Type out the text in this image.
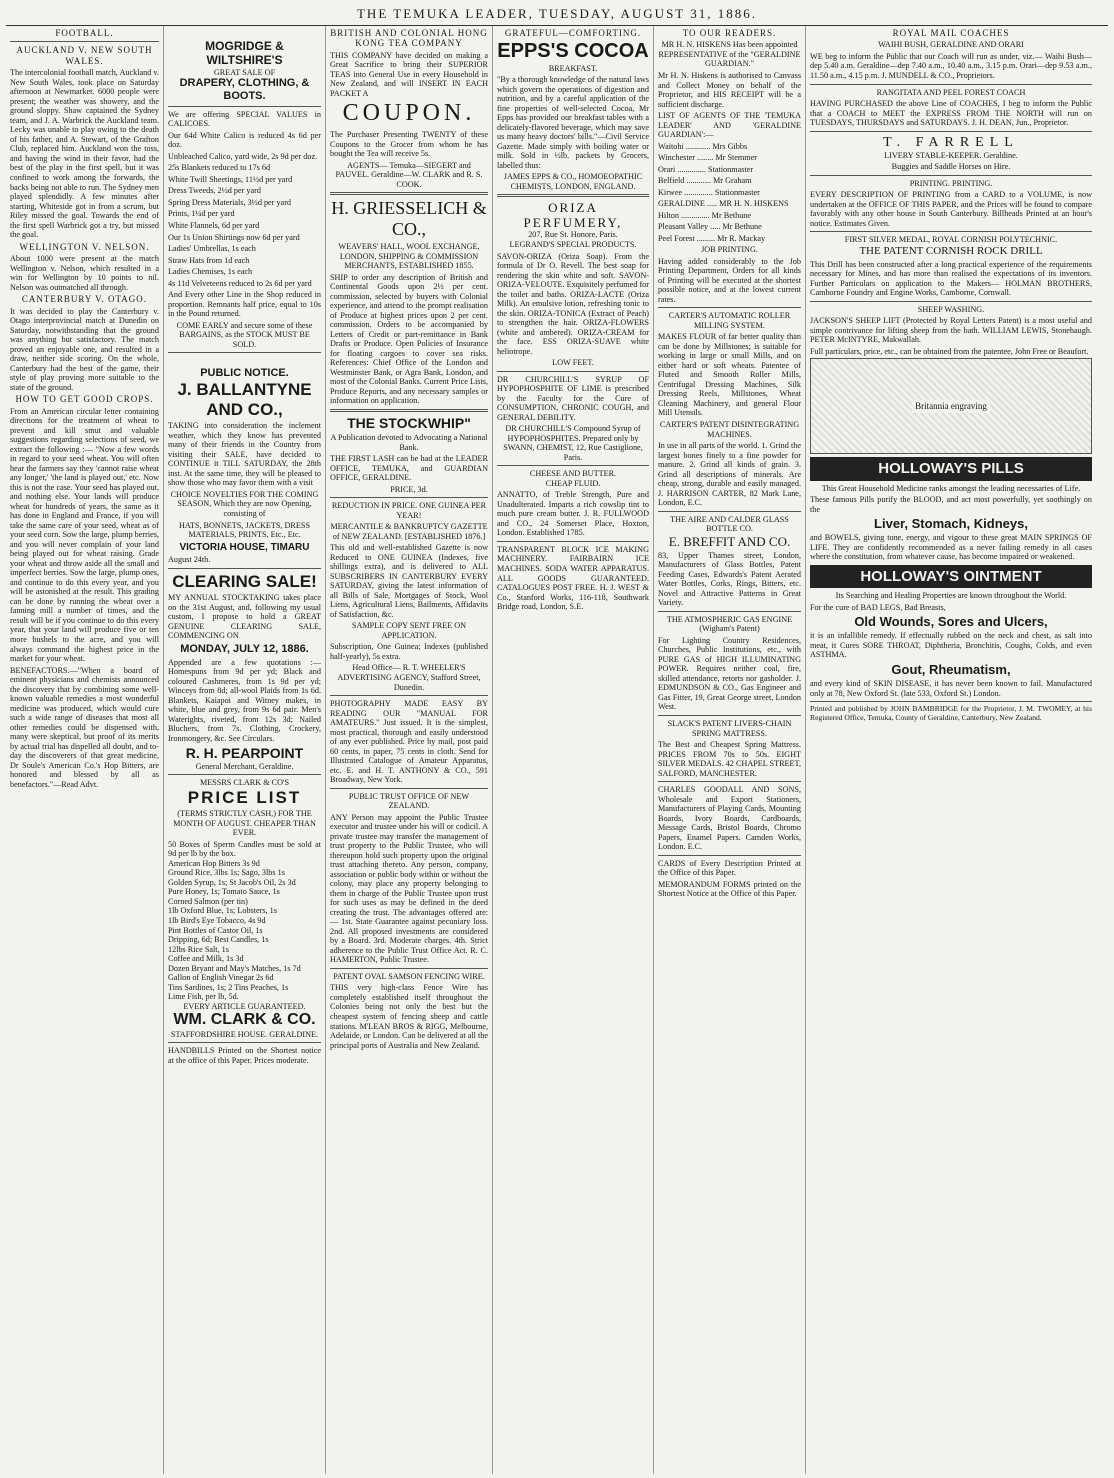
THE TEMUKA LEADER, TUESDAY, AUGUST 31, 1886.
FOOTBALL.
AUCKLAND V. NEW SOUTH WALES.

The intercolonial football match, Auckland v. New South Wales, took place on Saturday afternoon at Newmarket. 6000 people were present; the weather was showery, and the ground sloppy. Shaw captained the Sydney team, and J. A. Warbrick the Auckland team. Lecky was unable to play owing to the death of his father, and A. Stewart, of the Grafton Club, replaced him. Auckland won the toss, and having the wind in their favor, had the best of the play in the first spell, but it was confined to work among the forwards, the backs being not able to run. The Sydney men played splendidly. A few minutes after starting, Whiteside got in from a scrum, but Riley missed the goal. Towards the end of the first spell Warbrick got a try, but missed the goal.

WELLINGTON V. NELSON.

About 1000 were present at the match Wellington v. Nelson, which resulted in a win for Wellington by 10 points to nil. Nelson was outmatched all through.

CANTERBURY V. OTAGO.

It was decided to play the Canterbury v. Otago interprovincial match at Dunedin on Saturday, notwithstanding that the ground was anything but satisfactory. The match proved an enjoyable one, and resulted in a draw, neither side scoring. On the whole, Canterbury had the best of the game, their style of play proving more suitable to the state of the ground.

HOW TO GET GOOD CROPS.

From an American circular letter containing directions for the treatment of wheat to prevent and kill smut and valuable suggestions regarding selections of seed, we extract the following :— "Now a few words in regard to your seed wheat. You will often hear the farmers say they 'cannot raise wheat any longer,' 'the land is played out,' etc. Now this is not the case. Your seed has played out, and nothing else. Your lands will produce wheat for hundreds of years, the same as it has done in England and France, if you will take the same care of your seed, wheat as of your seed corn. Sow the large, plump berries, and you will never complain of your land being played out for wheat raising. Grade your wheat and throw aside all the small and imperfect berries. Sow the large, plump ones, and continue to do this every year, and you will be astonished at the result. This grading can be done by running the wheat over a fanning mill a number of times, and the result will be if you continue to do this every year, that your land will produce five or ten more bushels to the acre, and you will always command the highest price in the market for your wheat.

BENEFACTORS.—"When a board of eminent physicians and chemists announced the discovery that by combining some well-known valuable remedies a most wonderful medicine was produced, which would cure such a wide range of diseases that most all other remedies could be dispensed with, many were skeptical, but proof of its merits by actual trial has dispelled all doubt, and to-day the discoverers of that great medicine, Dr Soule's American Co.'s Hop Bitters, are honored and blessed by all as benefactors."—Read Advt.

MOGRIDGE & WILTSHIRE'S
GREAT SALE OF
DRAPERY, CLOTHING, & BOOTS.

We are offering SPECIAL VALUES in CALICOES.

Our 64d White Calico is reduced 4s 6d per doz.

Unbleached Calico, yard wide, 2s 9d per doz.

25s Blankets reduced to 17s 6d

White Twill Sheetings, 11½d per yard

Dress Tweeds, 2½d per yard

Spring Dress Materials, 3½d per yard

Prints, 1¼d per yard

White Flannels, 6d per yard

Our 1s Union Shirtings now 6d per yard

Ladies' Umbrellas, 1s each

Straw Hats from 1d each

Ladies Chemises, 1s each

4s 11d Velveteens reduced to 2s 6d per yard

And Every other Line in the Shop reduced in proportion. Remnants half price, equal to 10s in the Pound returned.

COME EARLY and secure some of these BARGAINS, as the STOCK MUST BE SOLD.

PUBLIC NOTICE.
J. BALLANTYNE AND CO.,

TAKING into consideration the inclement weather, which they know has prevented many of their friends in the Country from visiting their SALE, have decided to CONTINUE it TILL SATURDAY, the 28th inst. At the same time, they will be pleased to show those who may favor them with a visit

CHOICE NOVELTIES FOR THE COMING SEASON, Which they are now Opening, consisting of

HATS, BONNETS, JACKETS, DRESS MATERIALS, PRINTS, Etc., Etc.

VICTORIA HOUSE, TIMARU

August 24th.

CLEARING SALE!

MY ANNUAL STOCKTAKING takes place on the 31st August, and, following my usual custom, I propose to hold a GREAT GENUINE CLEARING SALE, COMMENCING ON

MONDAY, JULY 12, 1886.

Appended are a few quotations :— Homespuns from 9d per yd; Black and coloured Cashmeres, from 1s 9d per yd; Winceys from 8d; all-wool Plaids from 1s 6d. Blankets, Kaiapoi and Witney makes, in white, blue and grey, from 9s 6d pair. Men's Waterights, riveted, from 12s 3d; Nailed Bluchers, from 7s. Clothing, Crockery, Ironmongery, &c. See Circulars.

R. H. PEARPOINT
General Merchant, Geraldine.
MESSRS CLARK & CO'S
PRICE LIST

(TERMS STRICTLY CASH,) FOR THE MONTH OF AUGUST. CHEAPER THAN EVER.

50 Boxes of Sperm Candles must be sold at 9d per lb by the box.

American Hop Bitters 3s 9d

Ground Rice, 3lbs 1s; Sago, 3lbs 1s

Golden Syrup, 1s; St Jacob's Oil, 2s 3d

Pure Honey, 1s; Tomato Sauce, 1s

Corned Salmon (per tin)

1lb Oxford Blue, 1s; Lobsters, 1s

1lb Bird's Eye Tobacco, 4s 9d

Pint Bottles of Castor Oil, 1s

Dripping, 6d; Best Candles, 1s

12lbs Rice Salt, 1s

Coffee and Milk, 1s 3d

Dozen Bryant and May's Matches, 1s 7d

Gallon of English Vinegar 2s 6d

Tins Sardines, 1s; 2 Tins Peaches, 1s

Lime Fish, per lb, 5d.

EVERY ARTICLE GUARANTEED.
WM. CLARK & CO.
STAFFORDSHIRE HOUSE. GERALDINE.

HANDBILLS Printed on the Shortest notice at the office of this Paper. Prices moderate.

BRITISH AND COLONIAL HONG KONG TEA COMPANY

THIS COMPANY have decided on making a Great Sacrifice to bring their SUPERIOR TEAS into General Use in every Household in New Zealand, and will INSERT IN EACH PACKET A

COUPON.

The Purchaser Presenting TWENTY of these Coupons to the Grocer from whom he has bought the Tea will receive 5s.

AGENTS— Temuka—SIEGERT and PAUVEL. Geraldine—W. CLARK and R. S. COOK.

H. GRIESSELICH & CO.,

WEAVERS' HALL, WOOL EXCHANGE, LONDON, SHIPPING & COMMISSION MERCHANTS, ESTABLISHED 1855.

SHIP to order any description of British and Continental Goods upon 2½ per cent. commission, selected by buyers with Colonial experience, and attend to the prompt realisation of Produce at highest prices upon 2 per cent. commission. Orders to be accompanied by Letters of Credit or part-remittance in Bank Drafts or Produce. Open Policies of Insurance for floating cargoes to cover sea risks. References: Chief Office of the London and Westminster Bank, or Agra Bank, London, and most of the Colonial Banks. Current Price Lists, Produce Reports, and any necessary samples or information on application.

THE STOCKWHIP"

A Publication devoted to Advocating a National Bank.

THE FIRST LASH can be had at the LEADER OFFICE, TEMUKA, and GUARDIAN OFFICE, GERALDINE.

PRICE, 3d.
REDUCTION IN PRICE. ONE GUINEA PER YEAR!

MERCANTILE & BANKRUPTCY GAZETTE of NEW ZEALAND. [ESTABLISHED 1876.]

This old and well-established Gazette is now Reduced to ONE GUINEA (Indexes, five shillings extra), and is delivered to ALL SUBSCRIBERS IN CANTERBURY EVERY SATURDAY, giving the latest information of all Bills of Sale, Mortgages of Stock, Wool Liens, Agricultural Liens, Bailments, Affidavits of Satisfaction, &c.

SAMPLE COPY SENT FREE ON APPLICATION.

Subscription, One Guinea; Indexes (published half-yearly), 5s extra.

Head Office— R. T. WHEELER'S ADVERTISING AGENCY, Stafford Street, Dunedin.

PHOTOGRAPHY MADE EASY BY READING OUR "MANUAL FOR AMATEURS." Just issued. It is the simplest, most practical, thorough and easily understood of any ever published. Price by mail, post paid 60 cents, in paper, 75 cents in cloth. Send for Illustrated Catalogue of Amateur Apparatus, etc. E. and H. T. ANTHONY & CO., 591 Broadway, New York.

PUBLIC TRUST OFFICE OF NEW ZEALAND.

ANY Person may appoint the Public Trustee executor and trustee under his will or codicil. A private trustee may transfer the management of trust property to the Public Trustee, who will thereupon hold such property upon the original trust attaching thereto. Any person, company, association or public body within or without the colony, may place any property belonging to them in charge of the Public Trustee upon trust for such uses as may be defined in the deed creating the trust. The advantages offered are:— 1st. State Guarantee against pecuniary loss. 2nd. All proposed investments are considered by a Board. 3rd. Moderate charges. 4th. Strict adherence to the Public Trust Office Act. R. C. HAMERTON, Public Trustee.

PATENT OVAL SAMSON FENCING WIRE.

THIS very high-class Fence Wire has completely established itself throughout the Colonies being not only the best but the cheapest system of fencing sheep and cattle stations. M'LEAN BROS & RIGG, Melbourne, Adelaide, or London. Can be delivered at all the principal ports of Australia and New Zealand.

GRATEFUL—COMFORTING.
EPPS'S COCOA
BREAKFAST.

"By a thorough knowledge of the natural laws which govern the operations of digestion and nutrition, and by a careful application of the fine properties of well-selected Cocoa, Mr Epps has provided our breakfast tables with a delicately-flavored beverage, which may save us many heavy doctors' bills."—Civil Service Gazette. Made simply with boiling water or milk. Sold in ½lb. packets by Grocers, labelled thus:

JAMES EPPS & CO., HOMOEOPATHIC CHEMISTS, LONDON, ENGLAND.

ORIZA PERFUMERY,
207, Rue St. Honore, Paris.
LEGRAND'S SPECIAL PRODUCTS.

SAVON-ORIZA (Oriza Soap). From the formula of Dr O. Revell. The best soap for rendering the skin white and soft. SAVON-ORIZA-VELOUTE. Exquisitely perfumed for the toilet and baths. ORIZA-LACTE (Oriza Milk). An emulsive lotion, refreshing tonic to the skin. ORIZA-TONICA (Extract of Peach) to strengthen the hair. ORIZA-FLOWERS (white and ambered). ORIZA-CREAM for the face. ESS ORIZA-SUAVE white heliotrope.

LOW FEET.

DR CHURCHILL'S SYRUP OF HYPOPHOSPHITE OF LIME is prescribed by the Faculty for the Cure of CONSUMPTION, CHRONIC COUGH, and GENERAL DEBILITY.

DR CHURCHILL'S Compound Syrup of HYPOPHOSPHITES. Prepared only by SWANN, CHEMIST, 12, Rue Castiglione, Paris.

CHEESE AND BUTTER.
CHEAP FLUID.

ANNATTO, of Treble Strength, Pure and Unadulterated. Imparts a rich cowslip tint to much pure cream butter. J. R. FULLWOOD and CO., 24 Somerset Place, Hoxton, London. Established 1785.

TRANSPARENT BLOCK ICE MAKING MACHINERY. FAIRBAIRN ICE MACHINES. SODA WATER APPARATUS. ALL GOODS GUARANTEED. CATALOGUES POST FREE. H. J. WEST & Co., Stanford Works, 116-118, Southwark Bridge road, London, S.E.

TO OUR READERS.

MR H. N. HISKENS Has been appointed REPRESENTATIVE of the "GERALDINE GUARDIAN."

Mr H. N. Hiskens is authorised to Canvass and Collect Money on behalf of the Proprietor, and HIS RECEIPT will be a sufficient discharge.

LIST OF AGENTS OF THE 'TEMUKA LEADER' AND 'GERALDINE GUARDIAN':—

Waitohi ............ Mrs Gibbs

Winchester ........ Mr Stemmer

Orari .............. Stationmaster

Belfield ............ Mr Graham

Kirwee .............. Stationmaster

GERALDINE ..... MR H. N. HISKENS

Hilton .............. Mr Bethune

Pleasant Valley ..... Mr Bethune

Peel Forest ......... Mr R. Mackay

JOB PRINTING.

Having added considerably to the Job Printing Department, Orders for all kinds of Printing will be executed at the shortest possible notice, and at the lowest current rates.

CARTER'S AUTOMATIC ROLLER MILLING SYSTEM.

MAKES FLOUR of far better quality than can be done by Millstones; is suitable for working in large or small Mills, and on either hard or soft wheats. Patentee of Fluted and Smooth Roller Mills, Centrifugal Dressing Machines, Silk Dressing Reels, Millstones, Wheat Cleaning Machinery, and general Flour Mill Utensils.

CARTER'S PATENT DISINTEGRATING MACHINES.

In use in all parts of the world. 1. Grind the largest bones finely to a fine powder for manure. 2. Grind all kinds of grain. 3. Grind all descriptions of minerals. Are cheap, strong, durable and easily managed. J. HARRISON CARTER, 82 Mark Lane, London, E.C.

THE AIRE AND CALDER GLASS BOTTLE CO.
E. BREFFIT AND CO.

83, Upper Thames street, London, Manufacturers of Glass Bottles, Patent Feeding Cases, Edwards's Patent Aerated Water Bottles, Corks, Rings, Bitters, etc. Novel and Attractive Patterns in Great Variety.

THE ATMOSPHERIC GAS ENGINE (Wigham's Patent)

For Lighting Country Residences, Churches, Public Institutions, etc., with PURE GAS of HIGH ILLUMINATING POWER. Requires neither coal, fire, skilled attendance, retorts nor gasholder. J. EDMUNDSON & CO., Gas Engineer and Gas Fitter, 19, Great George street, London West.

SLACK'S PATENT LIVERS-CHAIN SPRING MATTRESS.

The Best and Cheapest Spring Mattress. PRICES FROM 70s to 50s. EIGHT SILVER MEDALS. 42 CHAPEL STREET, SALFORD, MANCHESTER.

CHARLES GOODALL AND SONS, Wholesale and Export Stationers, Manufacturers of Playing Cards, Mounting Boards, Ivory Boards, Cardboards, Message Cards, Bristol Boards, Chromo Papers, Enamel Papers. Camden Works, London. E.C.

CARDS of Every Description Printed at the Office of this Paper.

MEMORANDUM FORMS printed on the Shortest Notice at the Office of this Paper.

ROYAL MAIL COACHES
WAIHI BUSH, GERALDINE AND ORARI

WE beg to inform the Public that our Coach will run as under, viz.— Waihi Bush—dep 5.40 a.m. Geraldine—dep 7.40 a.m., 10.40 a.m., 3.15 p.m. Orari—dep 9.53 a.m., 11.50 a.m., 4.15 p.m. J. MUNDELL & CO., Proprietors.

RANGITATA AND PEEL FOREST COACH

HAVING PURCHASED the above Line of COACHES, I beg to inform the Public that a COACH to MEET the EXPRESS FROM THE NORTH will run on TUESDAYS, THURSDAYS and SATURDAYS. J. H. DEAN, Jun., Proprietor.

T. FARRELL
LIVERY STABLE-KEEPER. Geraldine.

Buggies and Saddle Horses on Hire.

PRINTING. PRINTING.

EVERY DESCRIPTION OF PRINTING from a CARD to a VOLUME, is now undertaken at the OFFICE OF THIS PAPER, and the Prices will be found to compare favorably with any other house in South Canterbury. Billheads Printed at an hour's notice. Estimates Given.

FIRST SILVER MEDAL, ROYAL CORNISH POLYTECHNIC.
THE PATENT CORNISH ROCK DRILL

This Drill has been constructed after a long practical experience of the requirements necessary for Mines, and has more than realised the expectations of its inventors. Further Particulars on application to the Makers— HOLMAN BROTHERS, Camborne Foundry and Engine Works, Camborne, Cornwall.

SHEEP WASHING.

JACKSON'S SHEEP LIFT (Protected by Royal Letters Patent) is a most useful and simple contrivance for lifting sheep from the bath. WILLIAM LEWIS, Stonehaugh. PETER McINTYRE, Makwallah.

Full particulars, price, etc., can be obtained from the patentee, John Free or Beaufort.

Britannia engraving
HOLLOWAY'S PILLS

This Great Household Medicine ranks amongst the leading necessaries of Life.

These famous Pills purify the BLOOD, and act most powerfully, yet soothingly on the

Liver, Stomach, Kidneys,

and BOWELS, giving tone, energy, and vigour to these great MAIN SPRINGS OF LIFE. They are confidently recommended as a never failing remedy in all cases where the constitution, from whatever cause, has become impaired or weakened.

HOLLOWAY'S OINTMENT

Its Searching and Healing Properties are known throughout the World.

For the cure of BAD LEGS, Bad Breasts,

Old Wounds, Sores and Ulcers,

it is an infallible remedy. If effectually rubbed on the neck and chest, as salt into meat, it Cures SORE THROAT, Diphtheria, Bronchitis, Coughs, Colds, and even ASTHMA.

Gout, Rheumatism,

and every kind of SKIN DISEASE, it has never been known to fail. Manufactured only at 78, New Oxford St. (late 533, Oxford St.) London.

Printed and published by JOHN BAMBRIDGE for the Proprietor, J. M. TWOMEY, at his Registered Office, Temuka, County of Geraldine, Canterbury, New Zealand.
